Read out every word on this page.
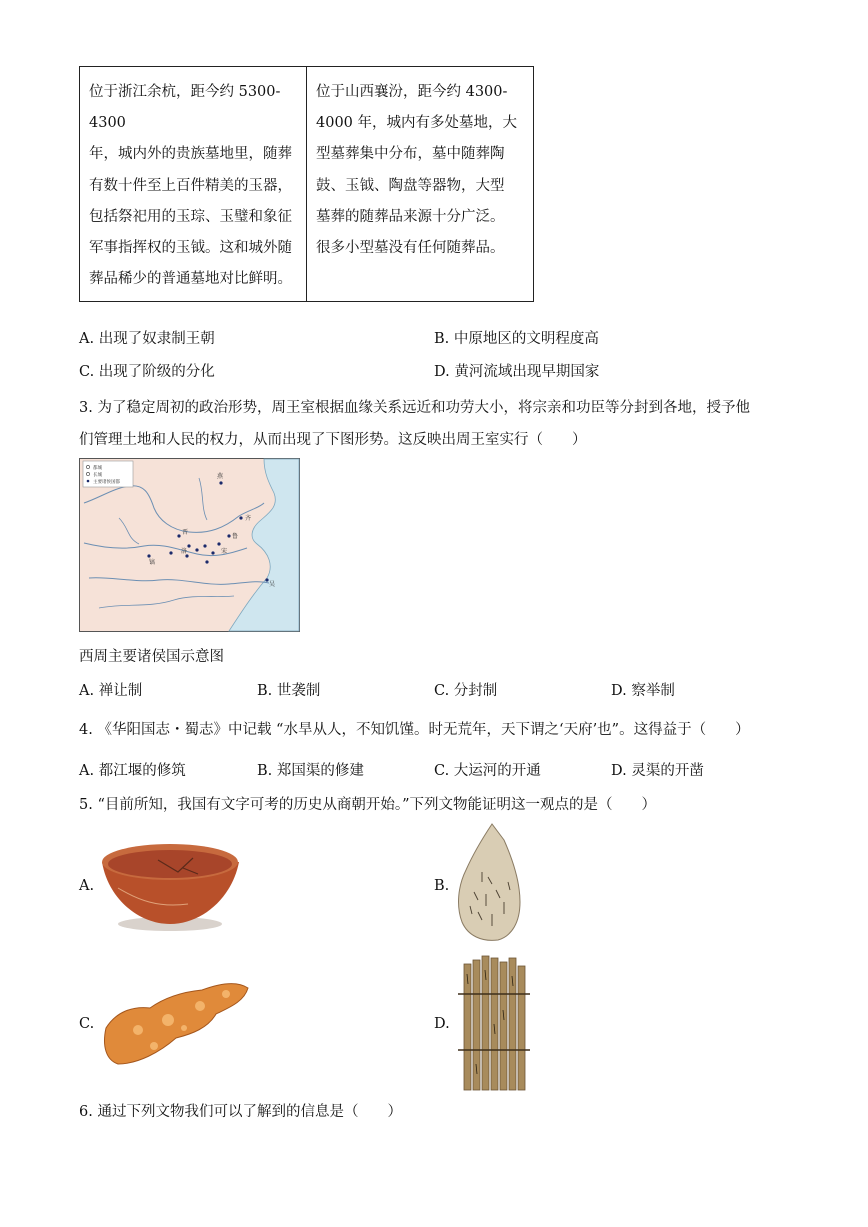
位于浙江余杭，距今约 5300-4300
年，城内外的贵族墓地里，随葬
有数十件至上百件精美的玉器，
包括祭祀用的玉琮、玉璧和象征
军事指挥权的玉钺。这和城外随
葬品稀少的普通墓地对比鲜明。

位于山西襄汾，距今约 4300-
4000 年，城内有多处墓地，大
型墓葬集中分布，墓中随葬陶
鼓、玉钺、陶盘等器物，大型
墓葬的随葬品来源十分广泛。
很多小型墓没有任何随葬品。
A. 出现了奴隶制王朝	B. 中原地区的文明程度高
C. 出现了阶级的分化	D. 黄河流域出现早期国家
3. 为了稳定周初的政治形势，周王室根据血缘关系远近和功劳大小，将宗亲和功臣等分封到各地，授予他
们管理土地和人民的权力，从而出现了下图形势。这反映出周王室实行（　　）
都城
长城
主要诸侯国都
燕
齐
晋
鲁
宋
洛
吴
镐
西周主要诸侯国示意图
A. 禅让制	B. 世袭制	C. 分封制	D. 察举制
4. 《华阳国志・蜀志》中记载 “水旱从人，不知饥馑。时无荒年，天下谓之‘天府’也”。这得益于（　　）
A. 都江堰的修筑	B. 郑国渠的修建	C. 大运河的开通	D. 灵渠的开凿
5. “目前所知，我国有文字可考的历史从商朝开始。”下列文物能证明这一观点的是（　　）
A.	B.
C.	D.
6. 通过下列文物我们可以了解到的信息是（　　）
